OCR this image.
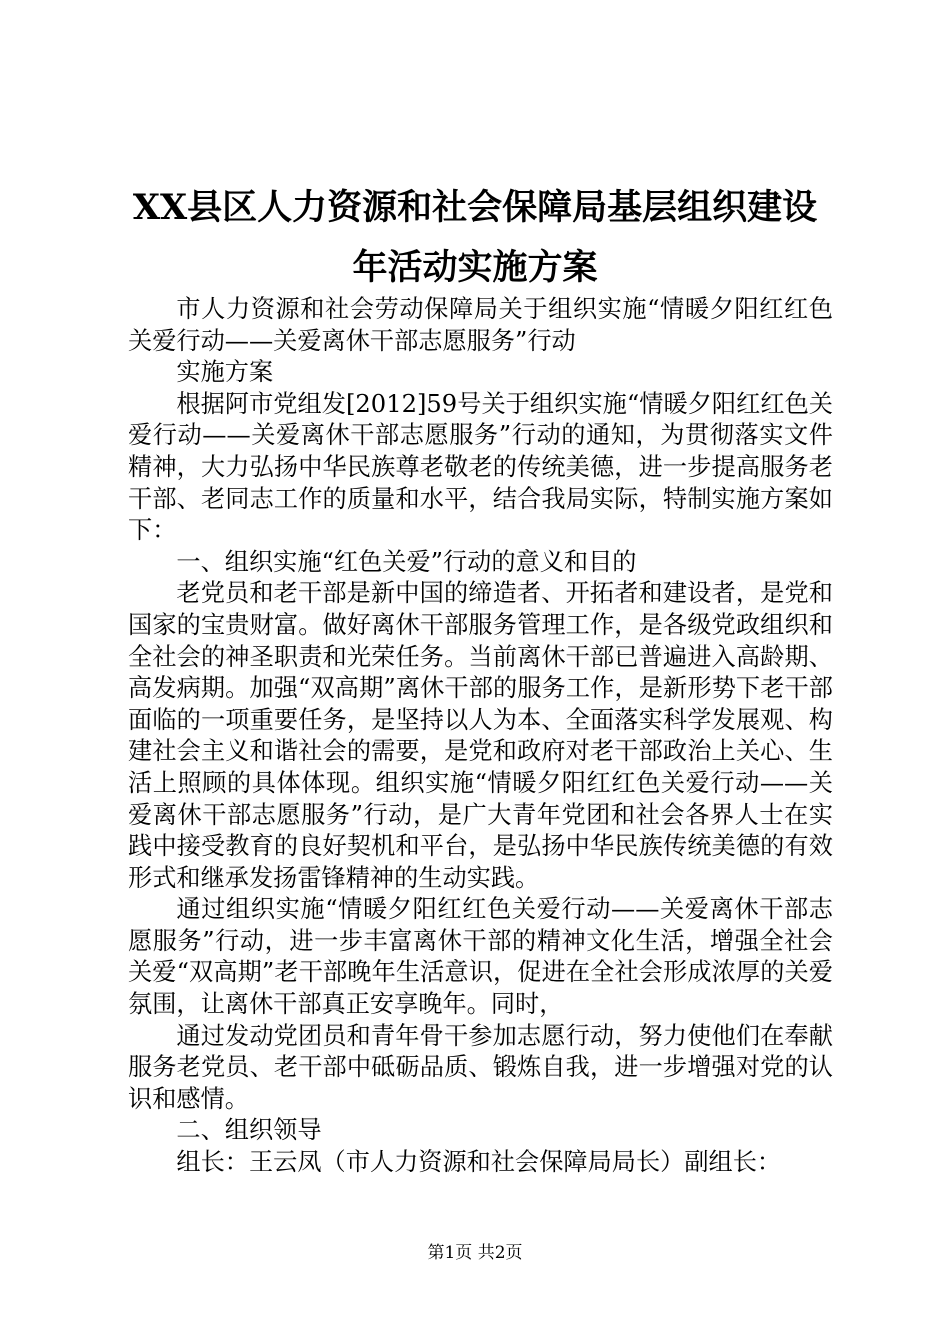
XX县区人力资源和社会保障局基层组织建设
年活动实施方案

市人力资源和社会劳动保障局关于组织实施“情暖夕阳红红色关爱行动——关爱离休干部志愿服务”行动

实施方案

根据阿市党组发[2012]59号关于组织实施“情暖夕阳红红色关爱行动——关爱离休干部志愿服务”行动的通知，为贯彻落实文件精神，大力弘扬中华民族尊老敬老的传统美德，进一步提高服务老干部、老同志工作的质量和水平，结合我局实际，特制实施方案如下：

一、组织实施“红色关爱”行动的意义和目的

老党员和老干部是新中国的缔造者、开拓者和建设者，是党和国家的宝贵财富。做好离休干部服务管理工作，是各级党政组织和全社会的神圣职责和光荣任务。当前离休干部已普遍进入高龄期、高发病期。加强“双高期”离休干部的服务工作，是新形势下老干部面临的一项重要任务，是坚持以人为本、全面落实科学发展观、构建社会主义和谐社会的需要，是党和政府对老干部政治上关心、生活上照顾的具体体现。组织实施“情暖夕阳红红色关爱行动——关爱离休干部志愿服务”行动，是广大青年党团和社会各界人士在实践中接受教育的良好契机和平台，是弘扬中华民族传统美德的有效形式和继承发扬雷锋精神的生动实践。

通过组织实施“情暖夕阳红红色关爱行动——关爱离休干部志愿服务”行动，进一步丰富离休干部的精神文化生活，增强全社会关爱“双高期”老干部晚年生活意识，促进在全社会形成浓厚的关爱氛围，让离休干部真正安享晚年。同时，

通过发动党团员和青年骨干参加志愿行动，努力使他们在奉献服务老党员、老干部中砥砺品质、锻炼自我，进一步增强对党的认识和感情。

二、组织领导

组长：王云凤（市人力资源和社会保障局局长）副组长：

第1页 共2页
